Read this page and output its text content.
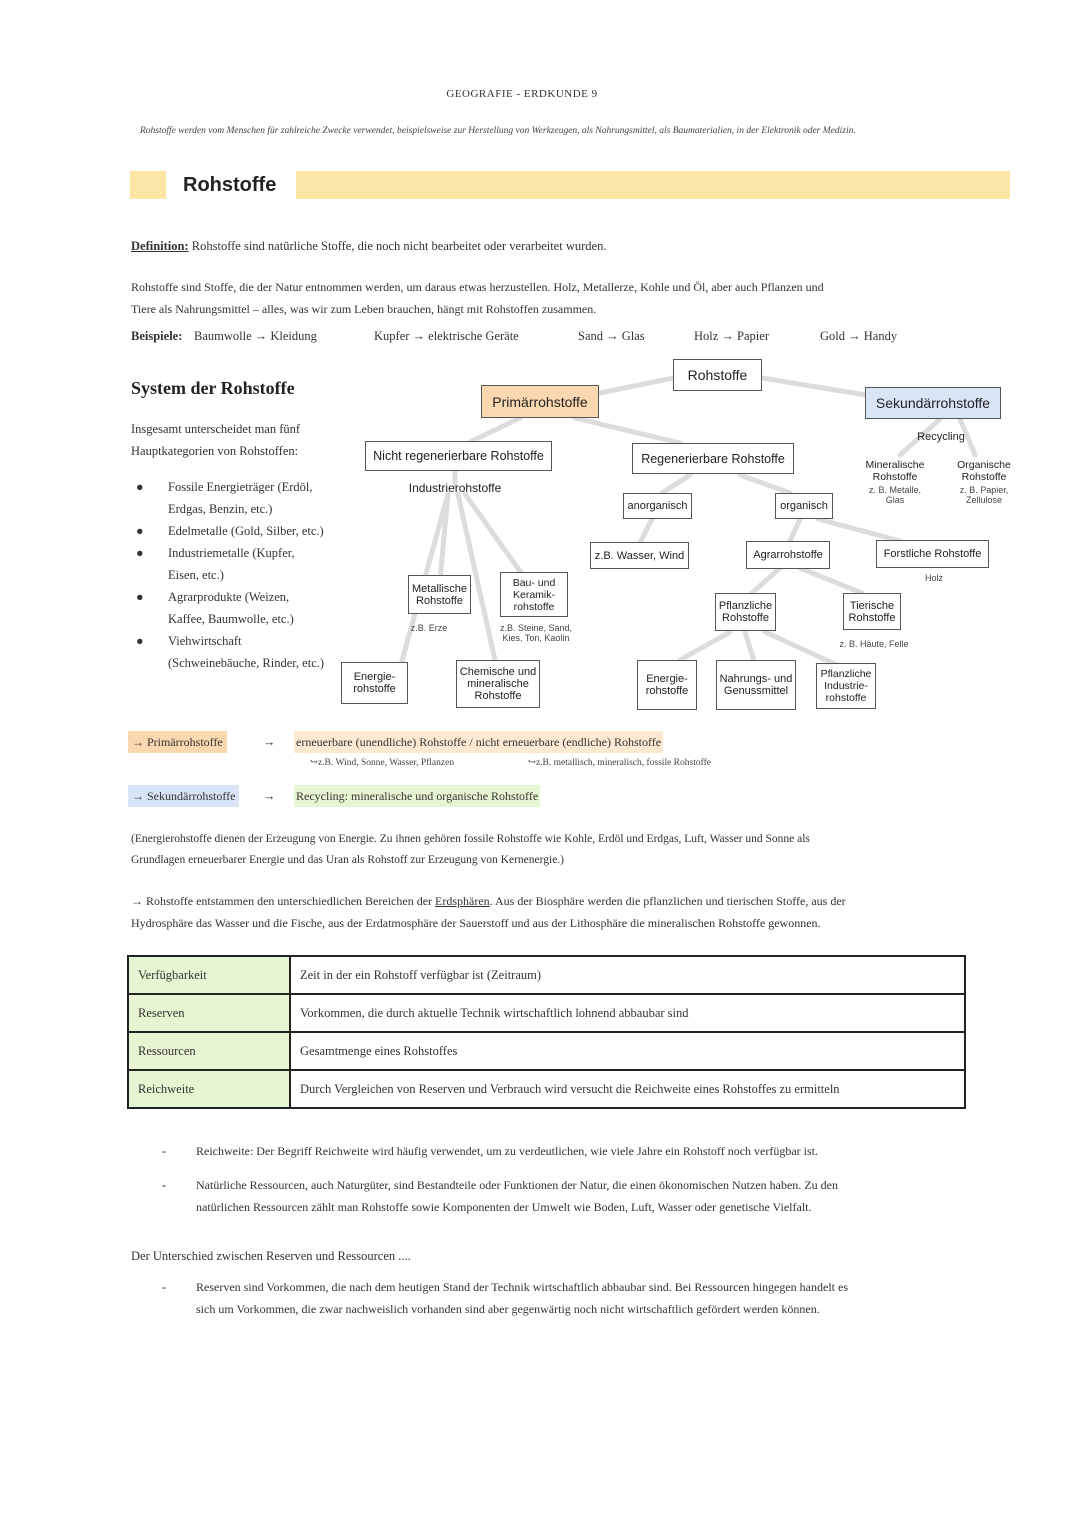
GEOGRAFIE - ERDKUNDE 9
Rohstoffe werden vom Menschen für zahlreiche Zwecke verwendet, beispielsweise zur Herstellung von Werkzeugen, als Nahrungsmittel, als Baumaterialien, in der Elektronik oder Medizin.
Rohstoffe
Definition: Rohstoffe sind natürliche Stoffe, die noch nicht bearbeitet oder verarbeitet wurden.
Rohstoffe sind Stoffe, die der Natur entnommen werden, um daraus etwas herzustellen. Holz, Metallerze, Kohle und Öl, aber auch Pflanzen und
Tiere als Nahrungsmittel – alles, was wir zum Leben brauchen, hängt mit Rohstoffen zusammen.
Beispiele: Baumwolle → Kleidung	Kupfer → elektrische Geräte	Sand → Glas	Holz → Papier	Gold → Handy
System der Rohstoffe
Insgesamt unterscheidet man fünf
Hauptkategorien von Rohstoffen:
● Fossile Energieträger (Erdöl,
Erdgas, Benzin, etc.)
● Edelmetalle (Gold, Silber, etc.)
● Industriemetalle (Kupfer,
Eisen, etc.)
● Agrarprodukte (Weizen,
Kaffee, Baumwolle, etc.)
● Viehwirtschaft
(Schweinebäuche, Rinder, etc.)
Rohstoffe
Primärrohstoffe	Sekundärrohstoffe
Nicht regenerierbare Rohstoffe	Regenerierbare Rohstoffe
Industrierohstoffe
Metallische Rohstoffe
z.B. Erze
Bau- und Keramik- rohstoffe
z.B. Steine, Sand,
Kies, Ton, Kaolin
Energie- rohstoffe
Chemische und mineralische Rohstoffe
anorganisch	organisch
z.B. Wasser, Wind	Agrarrohstoffe	Forstliche Rohstoffe
Holz
Pflanzliche Rohstoffe
Tierische Rohstoffe
z. B. Häute, Felle
Energie- rohstoffe
Nahrungs- und Genussmittel
Pflanzliche Industrie- rohstoffe
Recycling
Mineralische Rohstoffe
z. B. Metalle,
Glas
Organische Rohstoffe
z. B. Papier,
Zellulose
→ Primärrohstoffe	→ erneuerbare (unendliche) Rohstoffe / nicht erneuerbare (endliche) Rohstoffe
↪z.B. Wind, Sonne, Wasser, Pflanzen	↪z.B. metallisch, mineralisch, fossile Rohstoffe
→ Sekundärrohstoffe	→ Recycling: mineralische und organische Rohstoffe
(Energierohstoffe dienen der Erzeugung von Energie. Zu ihnen gehören fossile Rohstoffe wie Kohle, Erdöl und Erdgas, Luft, Wasser und Sonne als
Grundlagen erneuerbarer Energie und das Uran als Rohstoff zur Erzeugung von Kernenergie.)
→ Rohstoffe entstammen den unterschiedlichen Bereichen der Erdsphären. Aus der Biosphäre werden die pflanzlichen und tierischen Stoffe, aus der
Hydrosphäre das Wasser und die Fische, aus der Erdatmosphäre der Sauerstoff und aus der Lithosphäre die mineralischen Rohstoffe gewonnen.
Verfügbarkeit	Zeit in der ein Rohstoff verfügbar ist (Zeitraum)
Reserven	Vorkommen, die durch aktuelle Technik wirtschaftlich lohnend abbaubar sind
Ressourcen	Gesamtmenge eines Rohstoffes
Reichweite	Durch Vergleichen von Reserven und Verbrauch wird versucht die Reichweite eines Rohstoffes zu ermitteln
- Reichweite: Der Begriff Reichweite wird häufig verwendet, um zu verdeutlichen, wie viele Jahre ein Rohstoff noch verfügbar ist.
- Natürliche Ressourcen, auch Naturgüter, sind Bestandteile oder Funktionen der Natur, die einen ökonomischen Nutzen haben. Zu den
natürlichen Ressourcen zählt man Rohstoffe sowie Komponenten der Umwelt wie Boden, Luft, Wasser oder genetische Vielfalt.
Der Unterschied zwischen Reserven und Ressourcen ....
- Reserven sind Vorkommen, die nach dem heutigen Stand der Technik wirtschaftlich abbaubar sind. Bei Ressourcen hingegen handelt es
sich um Vorkommen, die zwar nachweislich vorhanden sind aber gegenwärtig noch nicht wirtschaftlich gefördert werden können.
